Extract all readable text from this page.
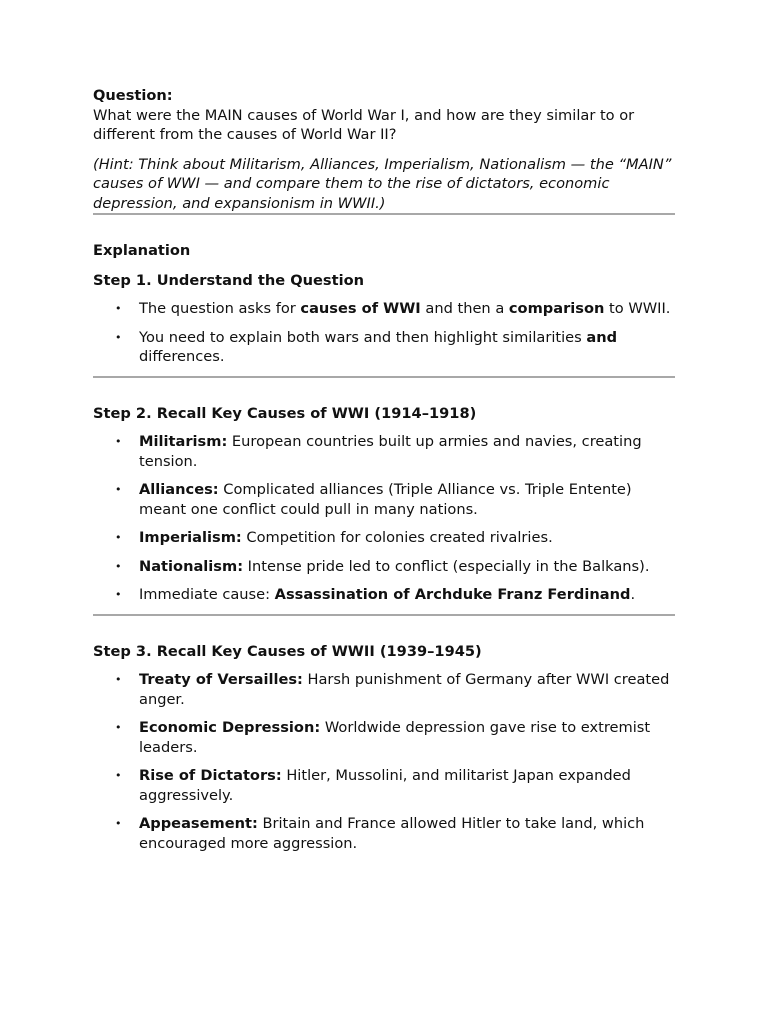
Question:
What were the MAIN causes of World War I, and how are they similar to or different from the causes of World War II?
(Hint: Think about Militarism, Alliances, Imperialism, Nationalism — the “MAIN” causes of WWI — and compare them to the rise of dictators, economic depression, and expansionism in WWII.)
Explanation
Step 1. Understand the Question
• The question asks for causes of WWI and then a comparison to WWII.
• You need to explain both wars and then highlight similarities and differences.
Step 2. Recall Key Causes of WWI (1914–1918)
• Militarism: European countries built up armies and navies, creating tension.
• Alliances: Complicated alliances (Triple Alliance vs. Triple Entente) meant one conflict could pull in many nations.
• Imperialism: Competition for colonies created rivalries.
• Nationalism: Intense pride led to conflict (especially in the Balkans).
• Immediate cause: Assassination of Archduke Franz Ferdinand.
Step 3. Recall Key Causes of WWII (1939–1945)
• Treaty of Versailles: Harsh punishment of Germany after WWI created anger.
• Economic Depression: Worldwide depression gave rise to extremist leaders.
• Rise of Dictators: Hitler, Mussolini, and militarist Japan expanded aggressively.
• Appeasement: Britain and France allowed Hitler to take land, which encouraged more aggression.
